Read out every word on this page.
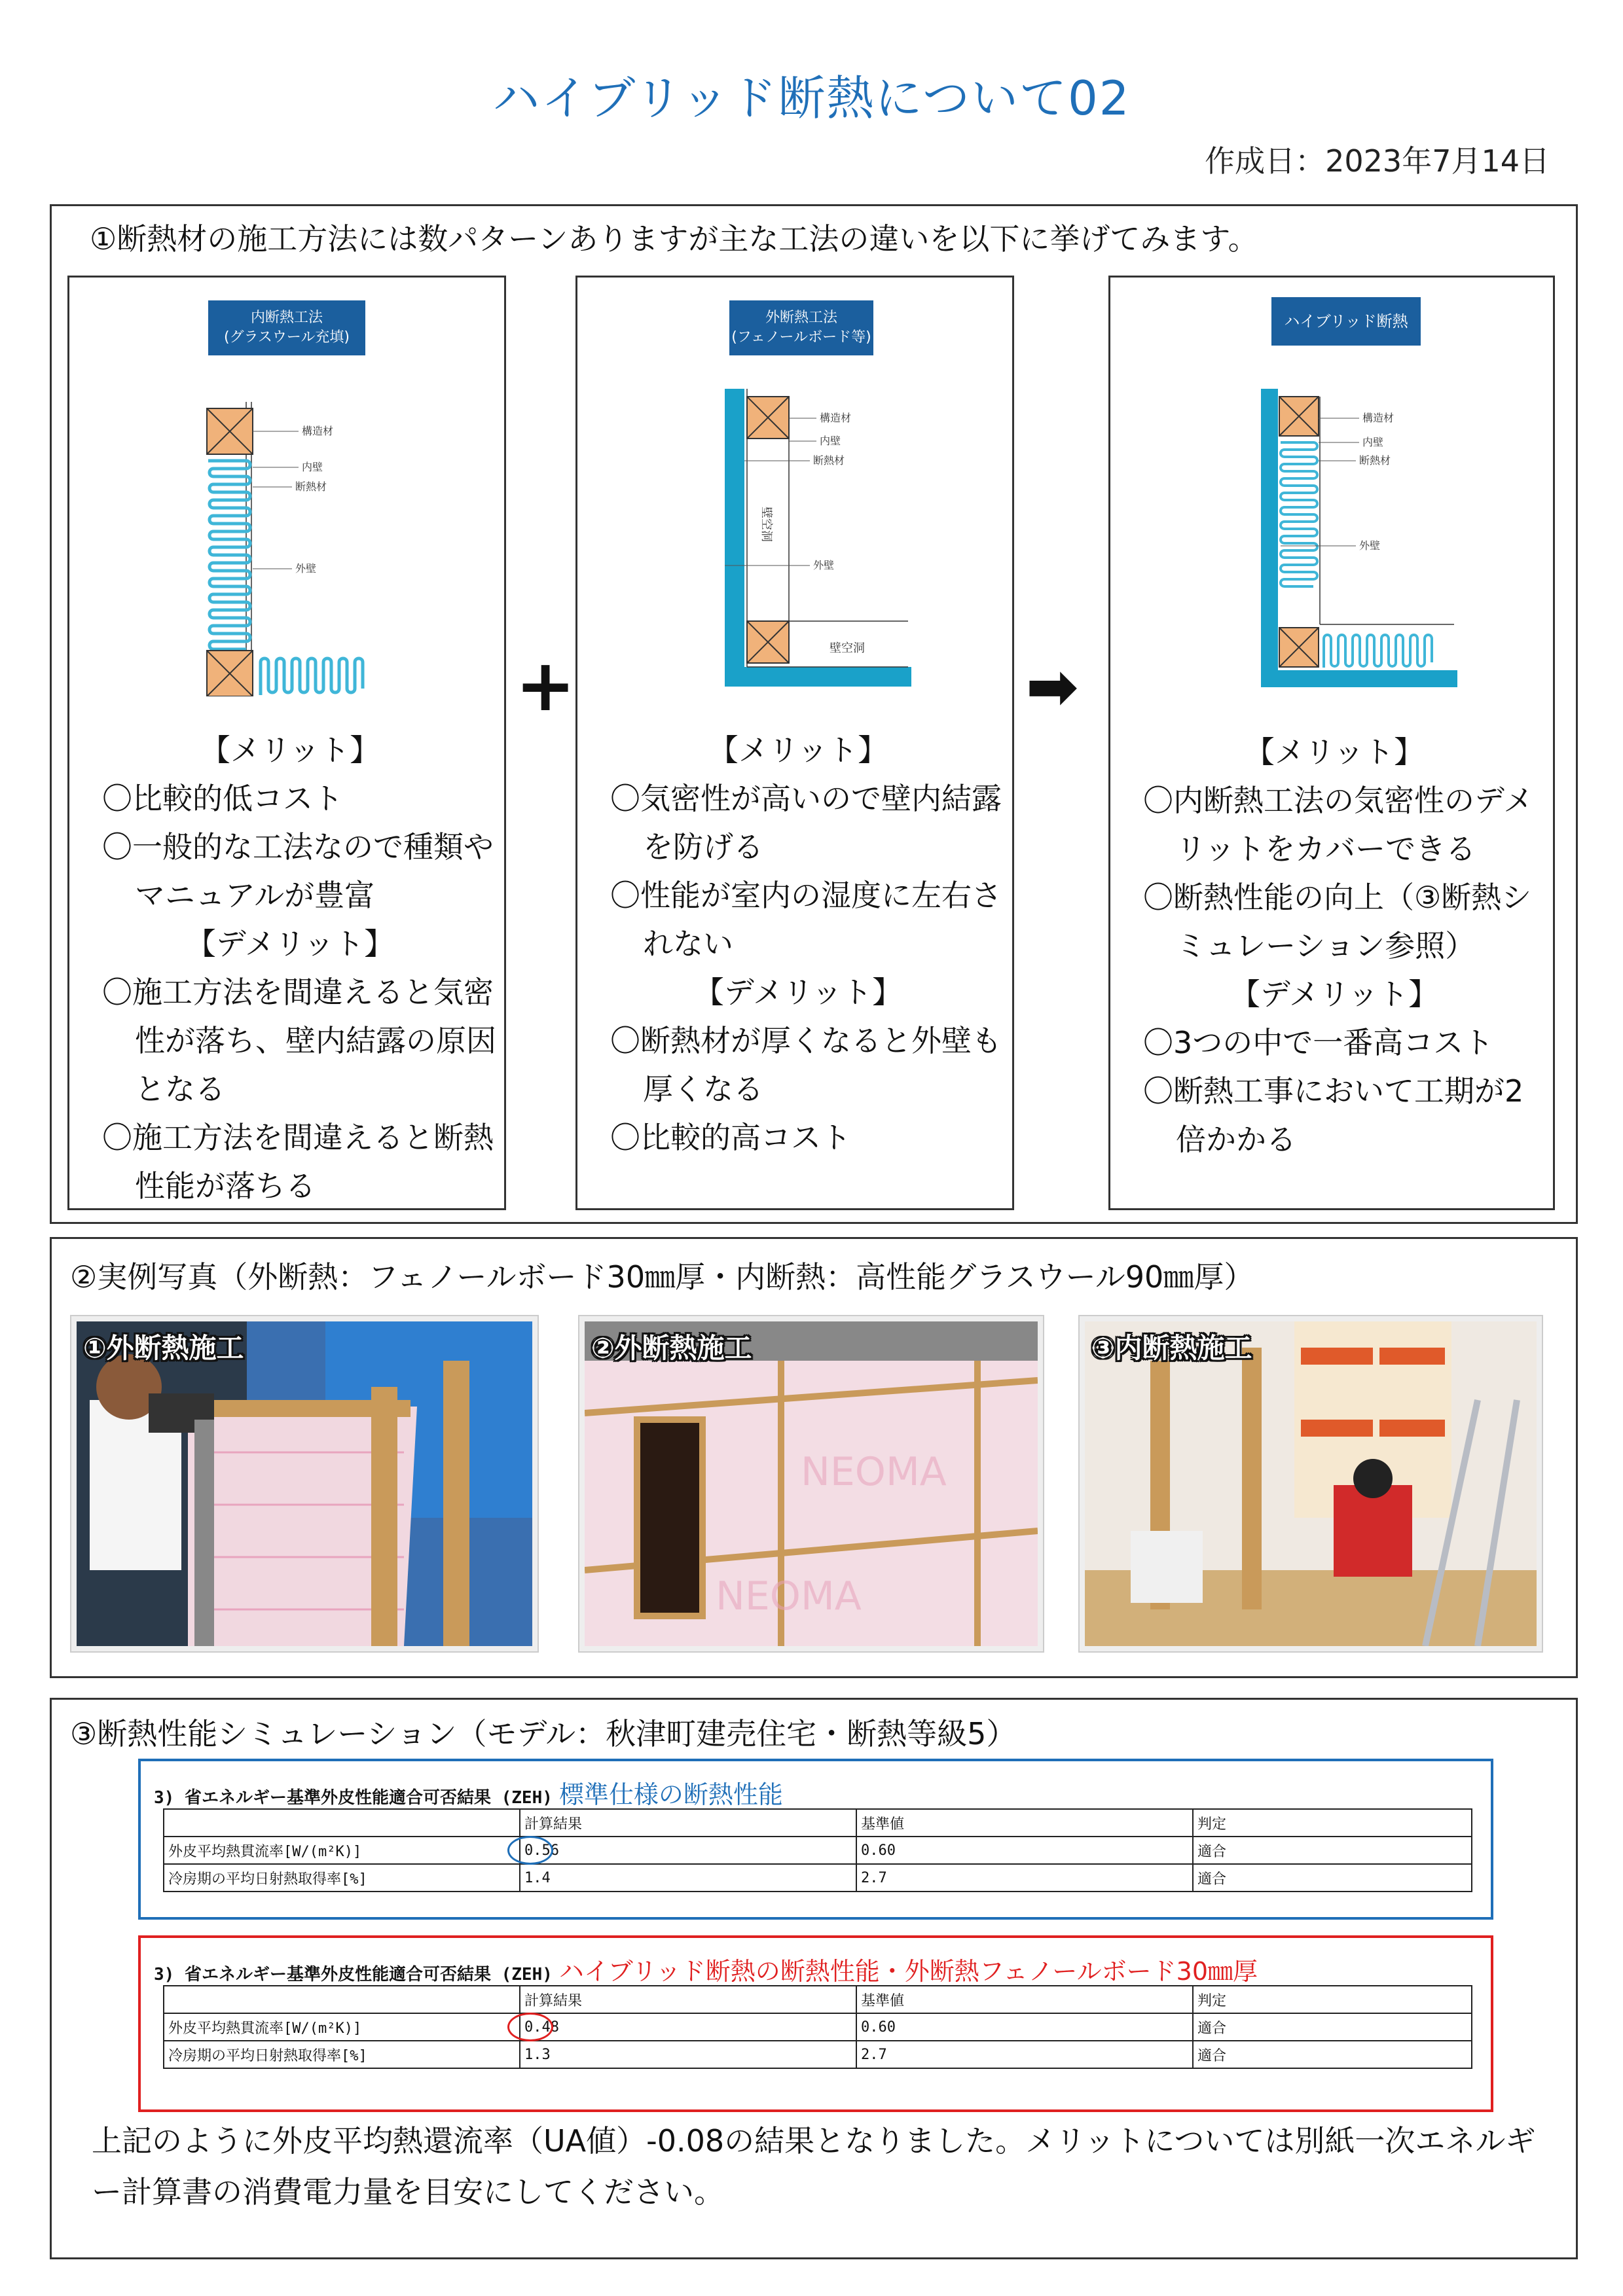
ハイブリッド断熱について02
作成日：2023年7月14日
①断熱材の施工方法には数パターンありますが主な工法の違いを以下に挙げてみます。
内断熱工法
(グラスウール充填)
構造材
内壁
断熱材
外壁
【メリット】
〇比較的低コスト
〇一般的な工法なので種類やマニュアルが豊富
【デメリット】
〇施工方法を間違えると気密性が落ち、壁内結露の原因となる
〇施工方法を間違えると断熱性能が落ちる
+
外断熱工法
(フェノールボード等)
構造材
内壁
断熱材
外壁
壁空洞
壁空洞
【メリット】
〇気密性が高いので壁内結露を防げる
〇性能が室内の湿度に左右されない
【デメリット】
〇断熱材が厚くなると外壁も厚くなる
〇比較的高コスト
➡
ハイブリッド断熱
構造材
内壁
断熱材
外壁
【メリット】
〇内断熱工法の気密性のデメリットをカバーできる
〇断熱性能の向上（③断熱シミュレーション参照）
【デメリット】
〇3つの中で一番高コスト
〇断熱工事において工期が2倍かかる
②実例写真（外断熱：フェノールボード30㎜厚・内断熱：高性能グラスウール90㎜厚）
①外断熱施工
NEOMA
NEOMA
②外断熱施工	③内断熱施工
③断熱性能シミュレーション（モデル：秋津町建売住宅・断熱等級5）
3) 省エネルギー基準外皮性能適合可否結果 (ZEH) 標準仕様の断熱性能
	計算結果	基準値	判定
外皮平均熱貫流率[W/(m²K)]	0.56	0.60	適合
冷房期の平均日射熱取得率[%]	1.4	2.7	適合
3) 省エネルギー基準外皮性能適合可否結果 (ZEH) ハイブリッド断熱の断熱性能・外断熱フェノールボード30㎜厚
	計算結果	基準値	判定
外皮平均熱貫流率[W/(m²K)]	0.48	0.60	適合
冷房期の平均日射熱取得率[%]	1.3	2.7	適合
上記のように外皮平均熱還流率（UA値）-0.08の結果となりました。メリットについては別紙一次エネルギー計算書の消費電力量を目安にしてください。
